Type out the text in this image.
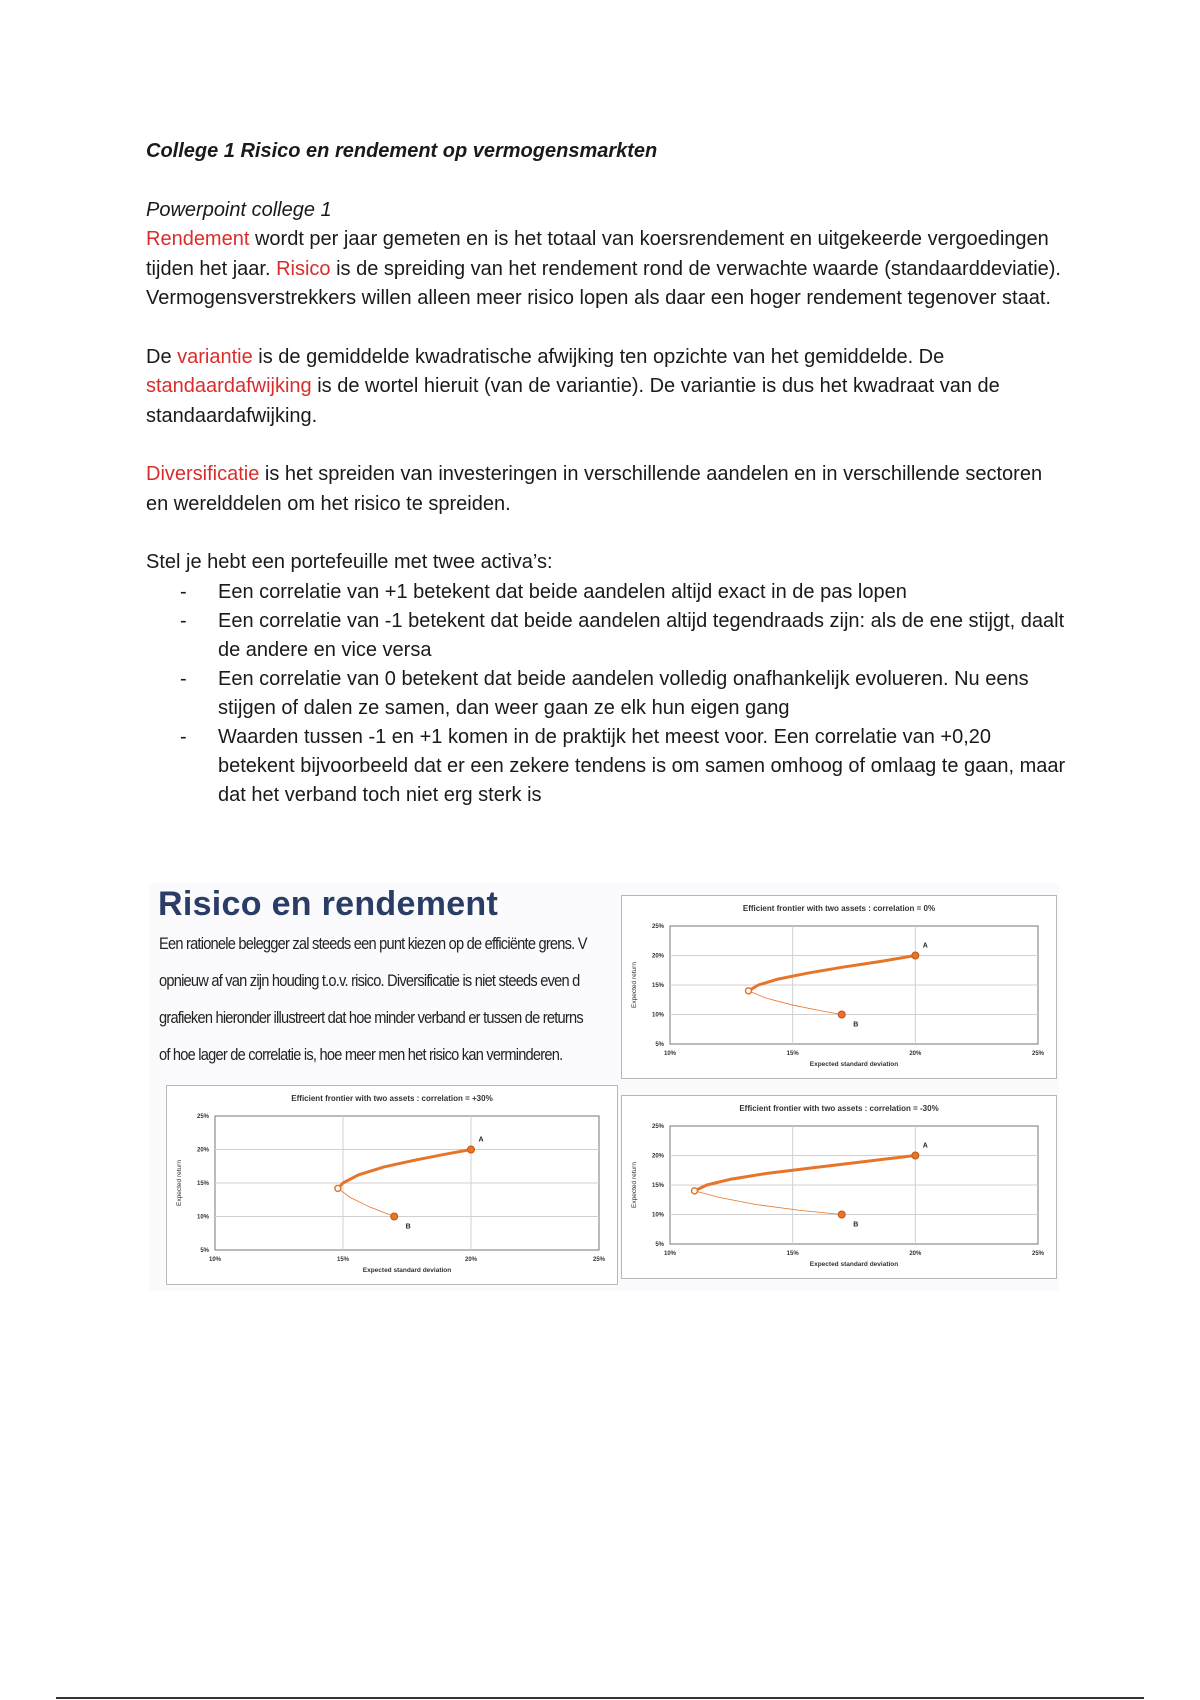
College 1 Risico en rendement op vermogensmarkten
Powerpoint college 1

Rendement wordt per jaar gemeten en is het totaal van koersrendement en uitgekeerde vergoedingen tijden het jaar. Risico is de spreiding van het rendement rond de verwachte waarde (standaarddeviatie). Vermogensverstrekkers willen alleen meer risico lopen als daar een hoger rendement tegenover staat.

De variantie is de gemiddelde kwadratische afwijking ten opzichte van het gemiddelde. De standaardafwijking is de wortel hieruit (van de variantie). De variantie is dus het kwadraat van de standaardafwijking.

Diversificatie is het spreiden van investeringen in verschillende aandelen en in verschillende sectoren en werelddelen om het risico te spreiden.

Stel je hebt een portefeuille met twee activa’s:

- Een correlatie van +1 betekent dat beide aandelen altijd exact in de pas lopen
- Een correlatie van -1 betekent dat beide aandelen altijd tegendraads zijn: als de ene stijgt, daalt de andere en vice versa
- Een correlatie van 0 betekent dat beide aandelen volledig onafhankelijk evolueren. Nu eens stijgen of dalen ze samen, dan weer gaan ze elk hun eigen gang
- Waarden tussen -1 en +1 komen in de praktijk het meest voor. Een correlatie van +0,20 betekent bijvoorbeeld dat er een zekere tendens is om samen omhoog of omlaag te gaan, maar dat het verband toch niet erg sterk is
Risico en rendement
Een rationele belegger zal steeds een punt kiezen op de efficiënte grens. V
opnieuw af van zijn houding t.o.v. risico. Diversificatie is niet steeds even d
grafieken hieronder illustreert dat hoe minder verband er tussen de returns
of hoe lager de correlatie is, hoe meer men het risico kan verminderen.
Efficient frontier with two assets : correlation = 0%
10%	15%	20%	25%
5%
10%
15%
20%
25%
Expected standard deviation
Expected return
A
B
Efficient frontier with two assets : correlation = +30%
10%	15%	20%	25%
5%
10%
15%
20%
25%
Expected standard deviation
Expected return
A
B
Efficient frontier with two assets : correlation = -30%
10%	15%	20%	25%
5%
10%
15%
20%
25%
Expected standard deviation
Expected return
A
B
